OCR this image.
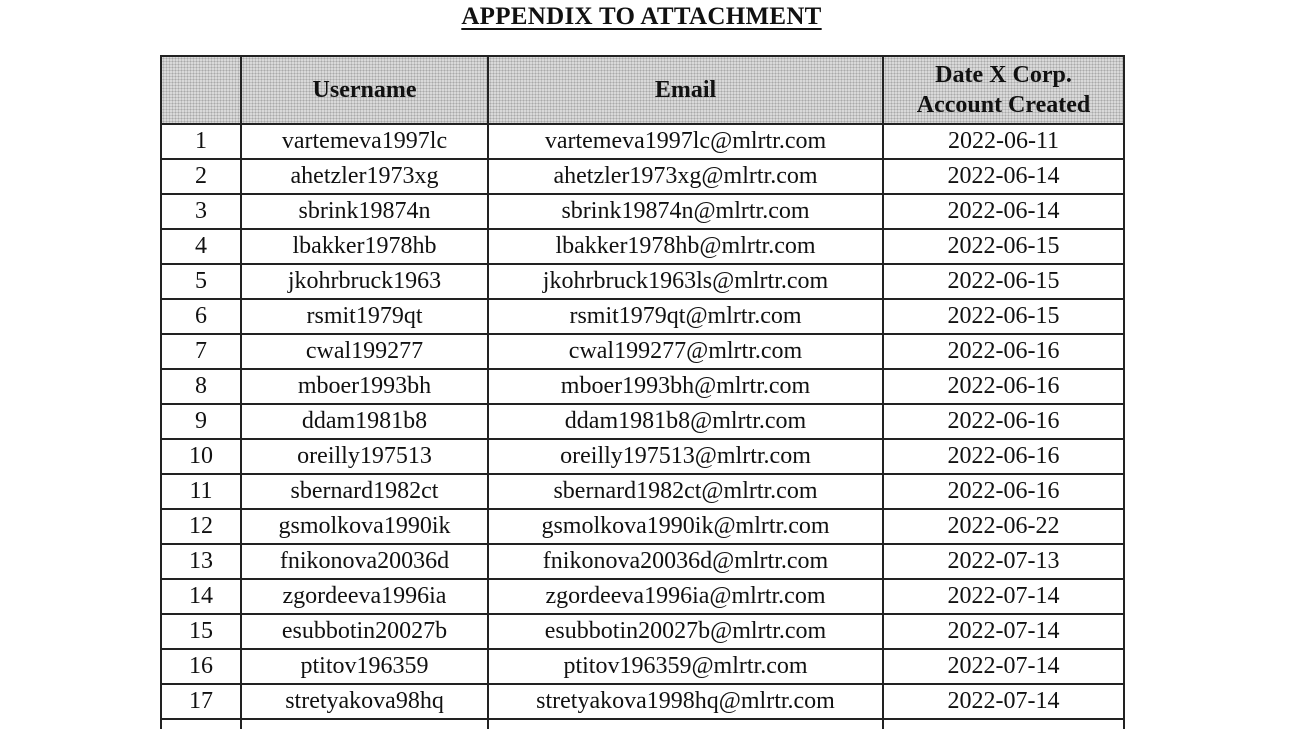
APPENDIX TO ATTACHMENT
	Username	Email	Date X Corp.
Account Created

1	vartemeva1997lc	vartemeva1997lc@mlrtr.com	2022-06-11
2	ahetzler1973xg	ahetzler1973xg@mlrtr.com	2022-06-14
3	sbrink19874n	sbrink19874n@mlrtr.com	2022-06-14
4	lbakker1978hb	lbakker1978hb@mlrtr.com	2022-06-15
5	jkohrbruck1963	jkohrbruck1963ls@mlrtr.com	2022-06-15
6	rsmit1979qt	rsmit1979qt@mlrtr.com	2022-06-15
7	cwal199277	cwal199277@mlrtr.com	2022-06-16
8	mboer1993bh	mboer1993bh@mlrtr.com	2022-06-16
9	ddam1981b8	ddam1981b8@mlrtr.com	2022-06-16
10	oreilly197513	oreilly197513@mlrtr.com	2022-06-16
11	sbernard1982ct	sbernard1982ct@mlrtr.com	2022-06-16
12	gsmolkova1990ik	gsmolkova1990ik@mlrtr.com	2022-06-22
13	fnikonova20036d	fnikonova20036d@mlrtr.com	2022-07-13
14	zgordeeva1996ia	zgordeeva1996ia@mlrtr.com	2022-07-14
15	esubbotin20027b	esubbotin20027b@mlrtr.com	2022-07-14
16	ptitov196359	ptitov196359@mlrtr.com	2022-07-14
17	stretyakova98hq	stretyakova1998hq@mlrtr.com	2022-07-14
